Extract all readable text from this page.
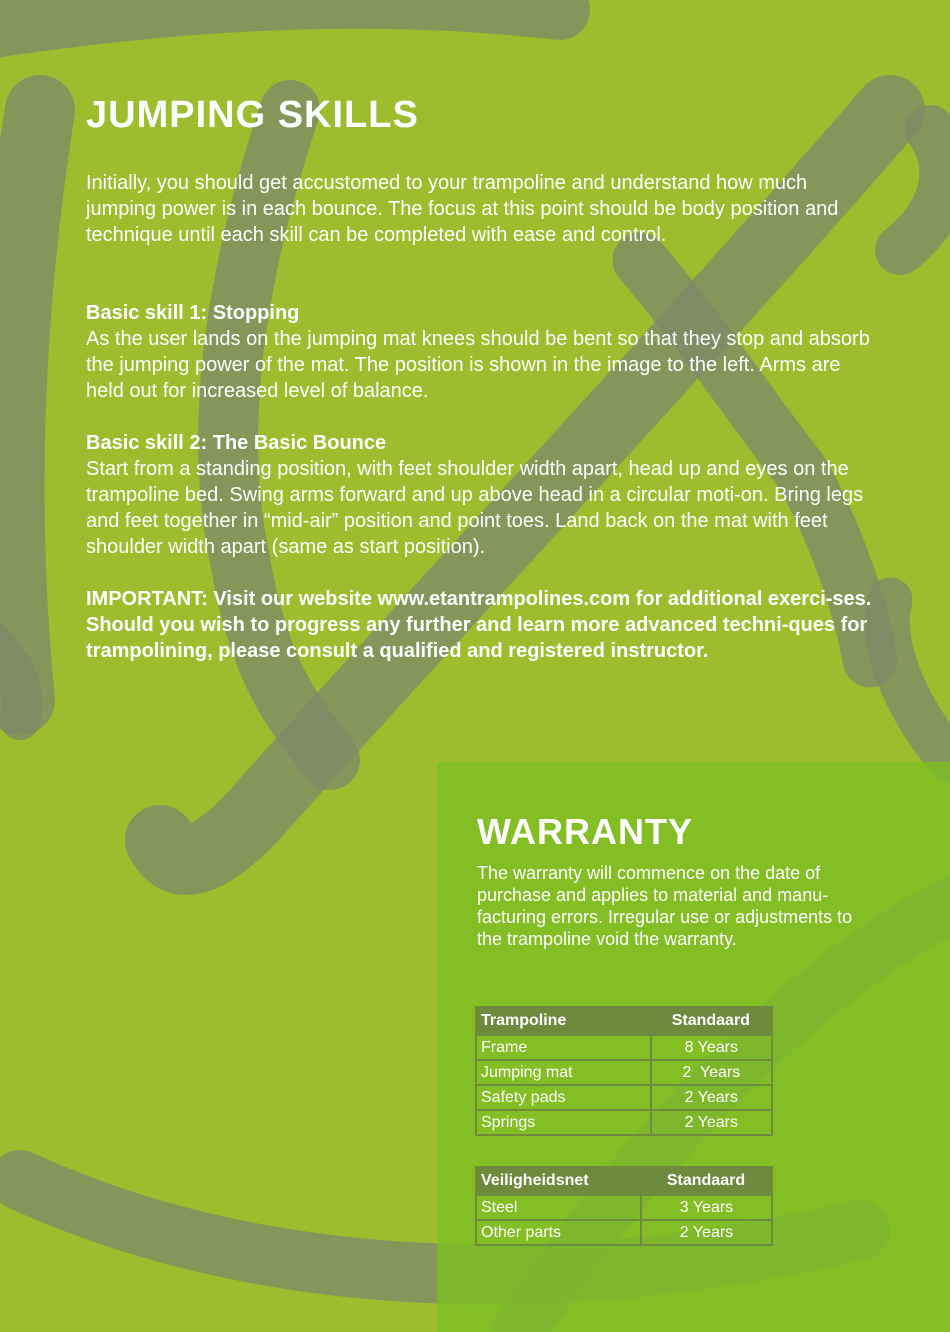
JUMPING SKILLS

Initially, you should get accustomed to your trampoline and understand how much jumping power is in each bounce. The focus at this point should be body position and technique until each skill can be completed with ease and control.

Basic skill 1: Stopping
As the user lands on the jumping mat knees should be bent so that they stop and absorb the jumping power of the mat. The position is shown in the image to the left. Arms are held out for increased level of balance.
Basic skill 2: The Basic Bounce
Start from a standing position, with feet shoulder width apart, head up and eyes on the trampoline bed. Swing arms forward and up above head in a circular moti-on. Bring legs and feet together in “mid-air” position and point toes. Land back on the mat with feet shoulder width apart (same as start position).
IMPORTANT: Visit our website www.etantrampolines.com for additional exerci-ses. Should you wish to progress any further and learn more advanced techni-ques for trampolining, please consult a qualified and registered instructor.
WARRANTY
The warranty will commence on the date of purchase and applies to material and manu-facturing errors. Irregular use or adjustments to the trampoline void the warranty.
Trampoline	Standaard
Frame	8 Years
Jumping mat	2  Years
Safety pads	2 Years
Springs	2 Years
Veiligheidsnet	Standaard
Steel	3 Years
Other parts	2 Years
